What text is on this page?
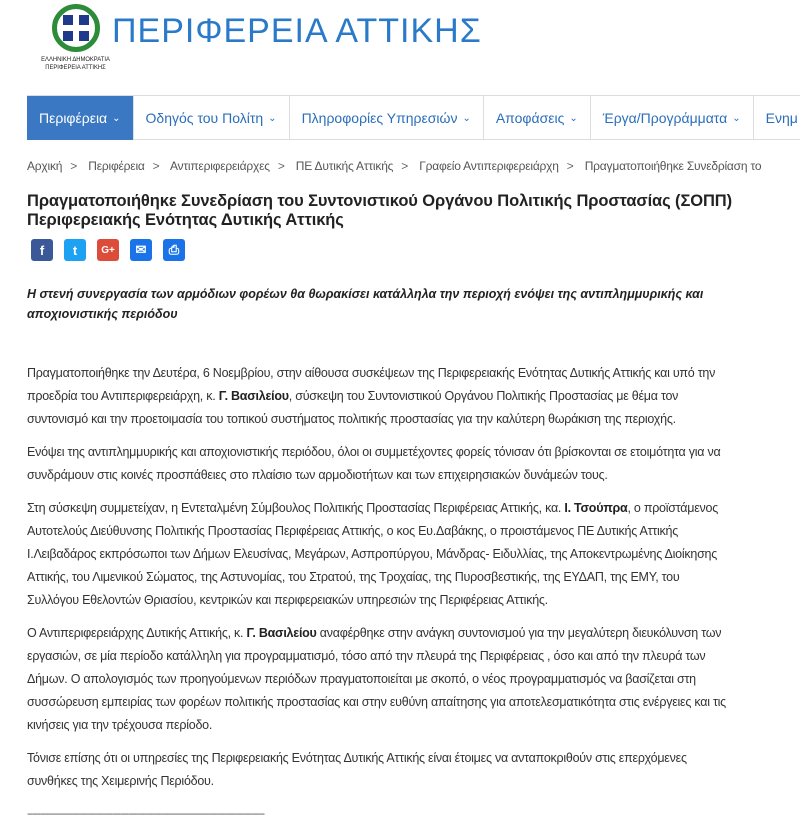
ΕΛΛΗΝΙΚΗ ΔΗΜΟΚΡΑΤΙΑ
ΠΕΡΙΦΕΡΕΙΑ ΑΤΤΙΚΗΣ
ΠΕΡΙΦΕΡΕΙΑ ΑΤΤΙΚΗΣ
Περιφέρεια ⌄ Οδηγός του Πολίτη ⌄ Πληροφορίες Υπηρεσιών ⌄ Αποφάσεις ⌄ Έργα/Προγράμματα ⌄ Ενημ
Αρχική > Περιφέρεια > Αντιπεριφερειάρχες > ΠΕ Δυτικής Αττικής > Γραφείο Αντιπεριφερειάρχη > Πραγματοποιήθηκε Συνεδρίαση το
Πραγματοποιήθηκε Συνεδρίαση του Συντονιστικού Οργάνου Πολιτικής Προστασίας (ΣΟΠΠ) Περιφερειακής Ενότητας Δυτικής Αττικής
f	t	G+	✉	⎙
Η στενή συνεργασία των αρμόδιων φορέων θα θωρακίσει κατάλληλα την περιοχή ενόψει της αντιπλημμυρικής και
αποχιονιστικής περιόδου
Πραγματοποιήθηκε την Δευτέρα, 6 Νοεμβρίου, στην αίθουσα συσκέψεων της Περιφερειακής Ενότητας Δυτικής Αττικής και υπό την
προεδρία του Αντιπεριφερειάρχη, κ. Γ. Βασιλείου, σύσκεψη του Συντονιστικού Οργάνου Πολιτικής Προστασίας με θέμα τον
συντονισμό και την προετοιμασία του τοπικού συστήματος πολιτικής προστασίας για την καλύτερη θωράκιση της περιοχής.
Ενόψει της αντιπλημμυρικής και αποχιονιστικής περιόδου, όλοι οι συμμετέχοντες φορείς τόνισαν ότι βρίσκονται σε ετοιμότητα για να
συνδράμουν στις κοινές προσπάθειες στο πλαίσιο των αρμοδιοτήτων και των επιχειρησιακών δυνάμεών τους.
Στη σύσκεψη συμμετείχαν, η Εντεταλμένη Σύμβουλος Πολιτικής Προστασίας Περιφέρειας Αττικής, κα. Ι. Τσούπρα, ο προϊστάμενος
Αυτοτελούς Διεύθυνσης Πολιτικής Προστασίας Περιφέρειας Αττικής, ο κος Ευ.Δαβάκης, ο προιστάμενος ΠΕ Δυτικής Αττικής
Ι.Λειβαδάρος εκπρόσωποι των Δήμων Ελευσίνας, Μεγάρων, Ασπροπύργου, Μάνδρας- Ειδυλλίας, της Αποκεντρωμένης Διοίκησης
Αττικής, του Λιμενικού Σώματος, της Αστυνομίας, του Στρατού, της Τροχαίας, της Πυροσβεστικής, της ΕΥΔΑΠ, της ΕΜΥ, του
Συλλόγου Εθελοντών Θριασίου, κεντρικών και περιφερειακών υπηρεσιών της Περιφέρειας Αττικής.
Ο Αντιπεριφερειάρχης Δυτικής Αττικής, κ. Γ. Βασιλείου αναφέρθηκε στην ανάγκη συντονισμού για την μεγαλύτερη διευκόλυνση των
εργασιών, σε μία περίοδο κατάλληλη για προγραμματισμό, τόσο από την πλευρά της Περιφέρειας , όσο και από την πλευρά των
Δήμων. Ο απολογισμός των προηγούμενων περιόδων πραγματοποιείται με σκοπό, ο νέος προγραμματισμός να βασίζεται στη
συσσώρευση εμπειρίας των φορέων πολιτικής προστασίας και στην ευθύνη απαίτησης για αποτελεσματικότητα στις ενέργειες και τις
κινήσεις για την τρέχουσα περίοδο.
Τόνισε επίσης ότι οι υπηρεσίες της Περιφερειακής Ενότητας Δυτικής Αττικής είναι έτοιμες να ανταποκριθούν στις επερχόμενες
συνθήκες της Χειμερινής Περιόδου.
-----------------------------------------------------------------------------------------
